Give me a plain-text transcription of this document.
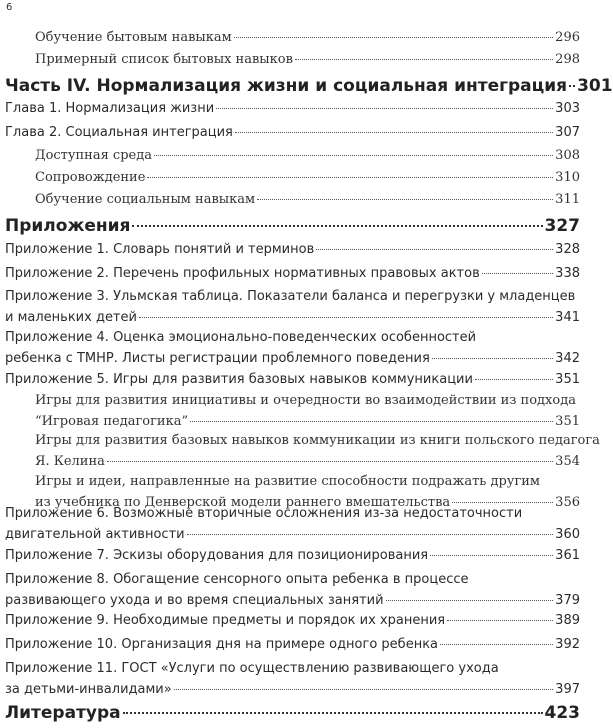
6
Обучение бытовым навыкам	296
Примерный список бытовых навыков	298
Часть IV. Нормализация жизни и социальная интеграция 301
Глава 1. Нормализация жизни	303
Глава 2. Социальная интеграция	307
Доступная среда	308
Сопровождение	310
Обучение социальным навыкам	311
Приложения	327
Приложение 1. Словарь понятий и терминов	328
Приложение 2. Перечень профильных нормативных правовых актов	338
Приложение 3. Ульмская таблица. Показатели баланса и перегрузки у младенцев
и маленьких детей	341
Приложение 4. Оценка эмоционально-поведенческих особенностей
ребенка с ТМНР. Листы регистрации проблемного поведения	342
Приложение 5. Игры для развития базовых навыков коммуникации	351
Игры для развития инициативы и очередности во взаимодействии из подхода
“Игровая педагогика”	351
Игры для развития базовых навыков коммуникации из книги польского педагога
Я. Келина	354
Игры и идеи, направленные на развитие способности подражать другим
из учебника по Денверской модели раннего вмешательства	356
Приложение 6. Возможные вторичные осложнения из-за недостаточности
двигательной активности	360
Приложение 7. Эскизы оборудования для позиционирования	361
Приложение 8. Обогащение сенсорного опыта ребенка в процессе
развивающего ухода и во время специальных занятий	379
Приложение 9. Необходимые предметы и порядок их хранения	389
Приложение 10. Организация дня на примере одного ребенка	392
Приложение 11. ГОСТ «Услуги по осуществлению развивающего ухода
за детьми-инвалидами»	397
Литература	423
